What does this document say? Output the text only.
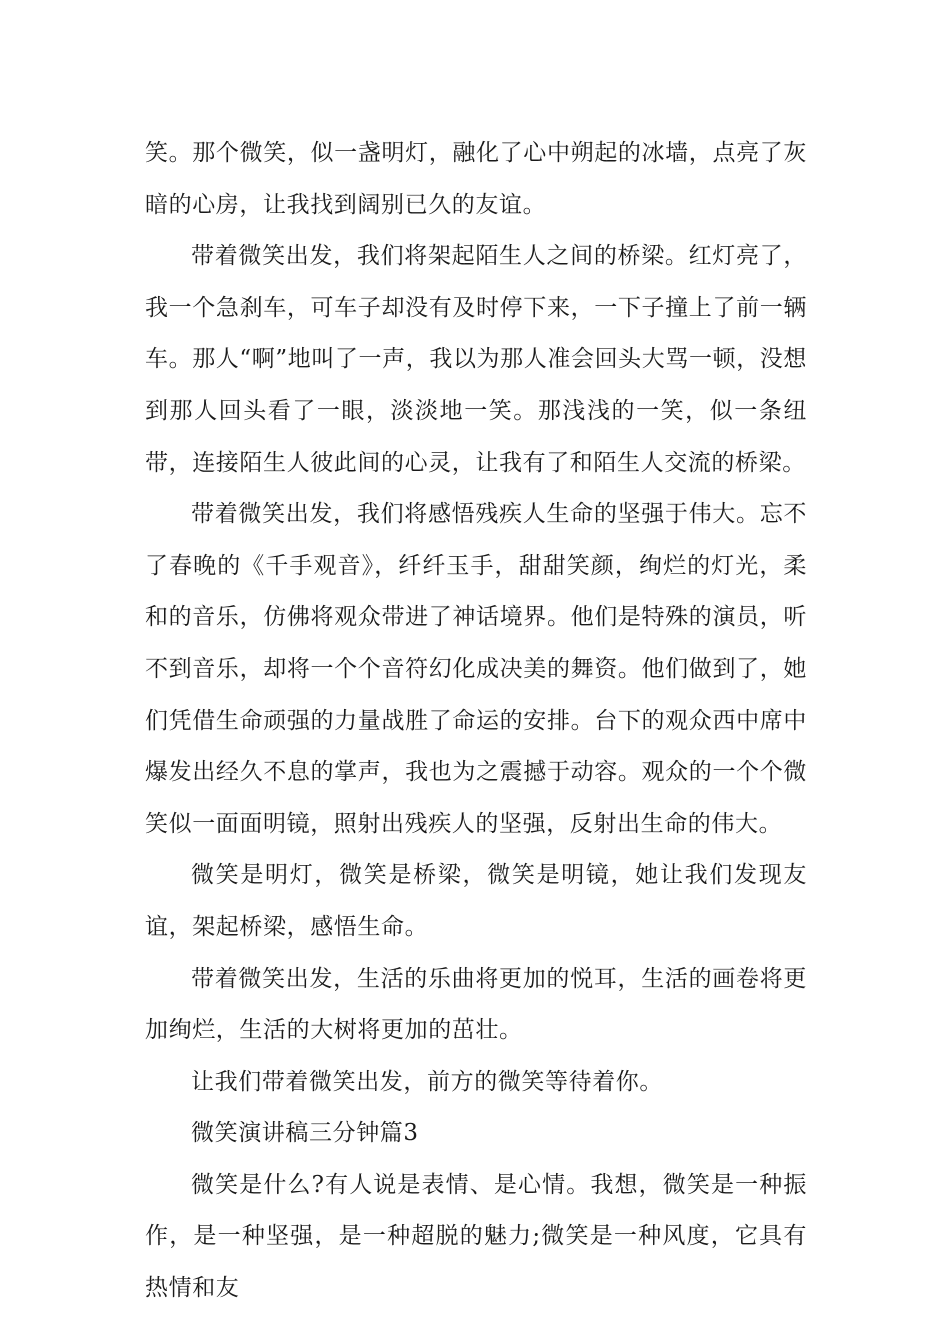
笑。那个微笑，似一盏明灯，融化了心中朔起的冰墙，点亮了灰暗的心房，让我找到阔别已久的友谊。

带着微笑出发，我们将架起陌生人之间的桥梁。红灯亮了，我一个急刹车，可车子却没有及时停下来，一下子撞上了前一辆车。那人“啊”地叫了一声，我以为那人准会回头大骂一顿，没想到那人回头看了一眼，淡淡地一笑。那浅浅的一笑，似一条纽带，连接陌生人彼此间的心灵，让我有了和陌生人交流的桥梁。

带着微笑出发，我们将感悟残疾人生命的坚强于伟大。忘不了春晚的《千手观音》，纤纤玉手，甜甜笑颜，绚烂的灯光，柔和的音乐，仿佛将观众带进了神话境界。他们是特殊的演员，听不到音乐，却将一个个音符幻化成决美的舞资。他们做到了，她们凭借生命顽强的力量战胜了命运的安排。台下的观众西中席中爆发出经久不息的掌声，我也为之震撼于动容。观众的一个个微笑似一面面明镜，照射出残疾人的坚强，反射出生命的伟大。

微笑是明灯，微笑是桥梁，微笑是明镜，她让我们发现友谊，架起桥梁，感悟生命。

带着微笑出发，生活的乐曲将更加的悦耳，生活的画卷将更加绚烂，生活的大树将更加的茁壮。

让我们带着微笑出发，前方的微笑等待着你。

微笑演讲稿三分钟篇3

微笑是什么?有人说是表情、是心情。我想，微笑是一种振作，是一种坚强，是一种超脱的魅力;微笑是一种风度，它具有热情和友
